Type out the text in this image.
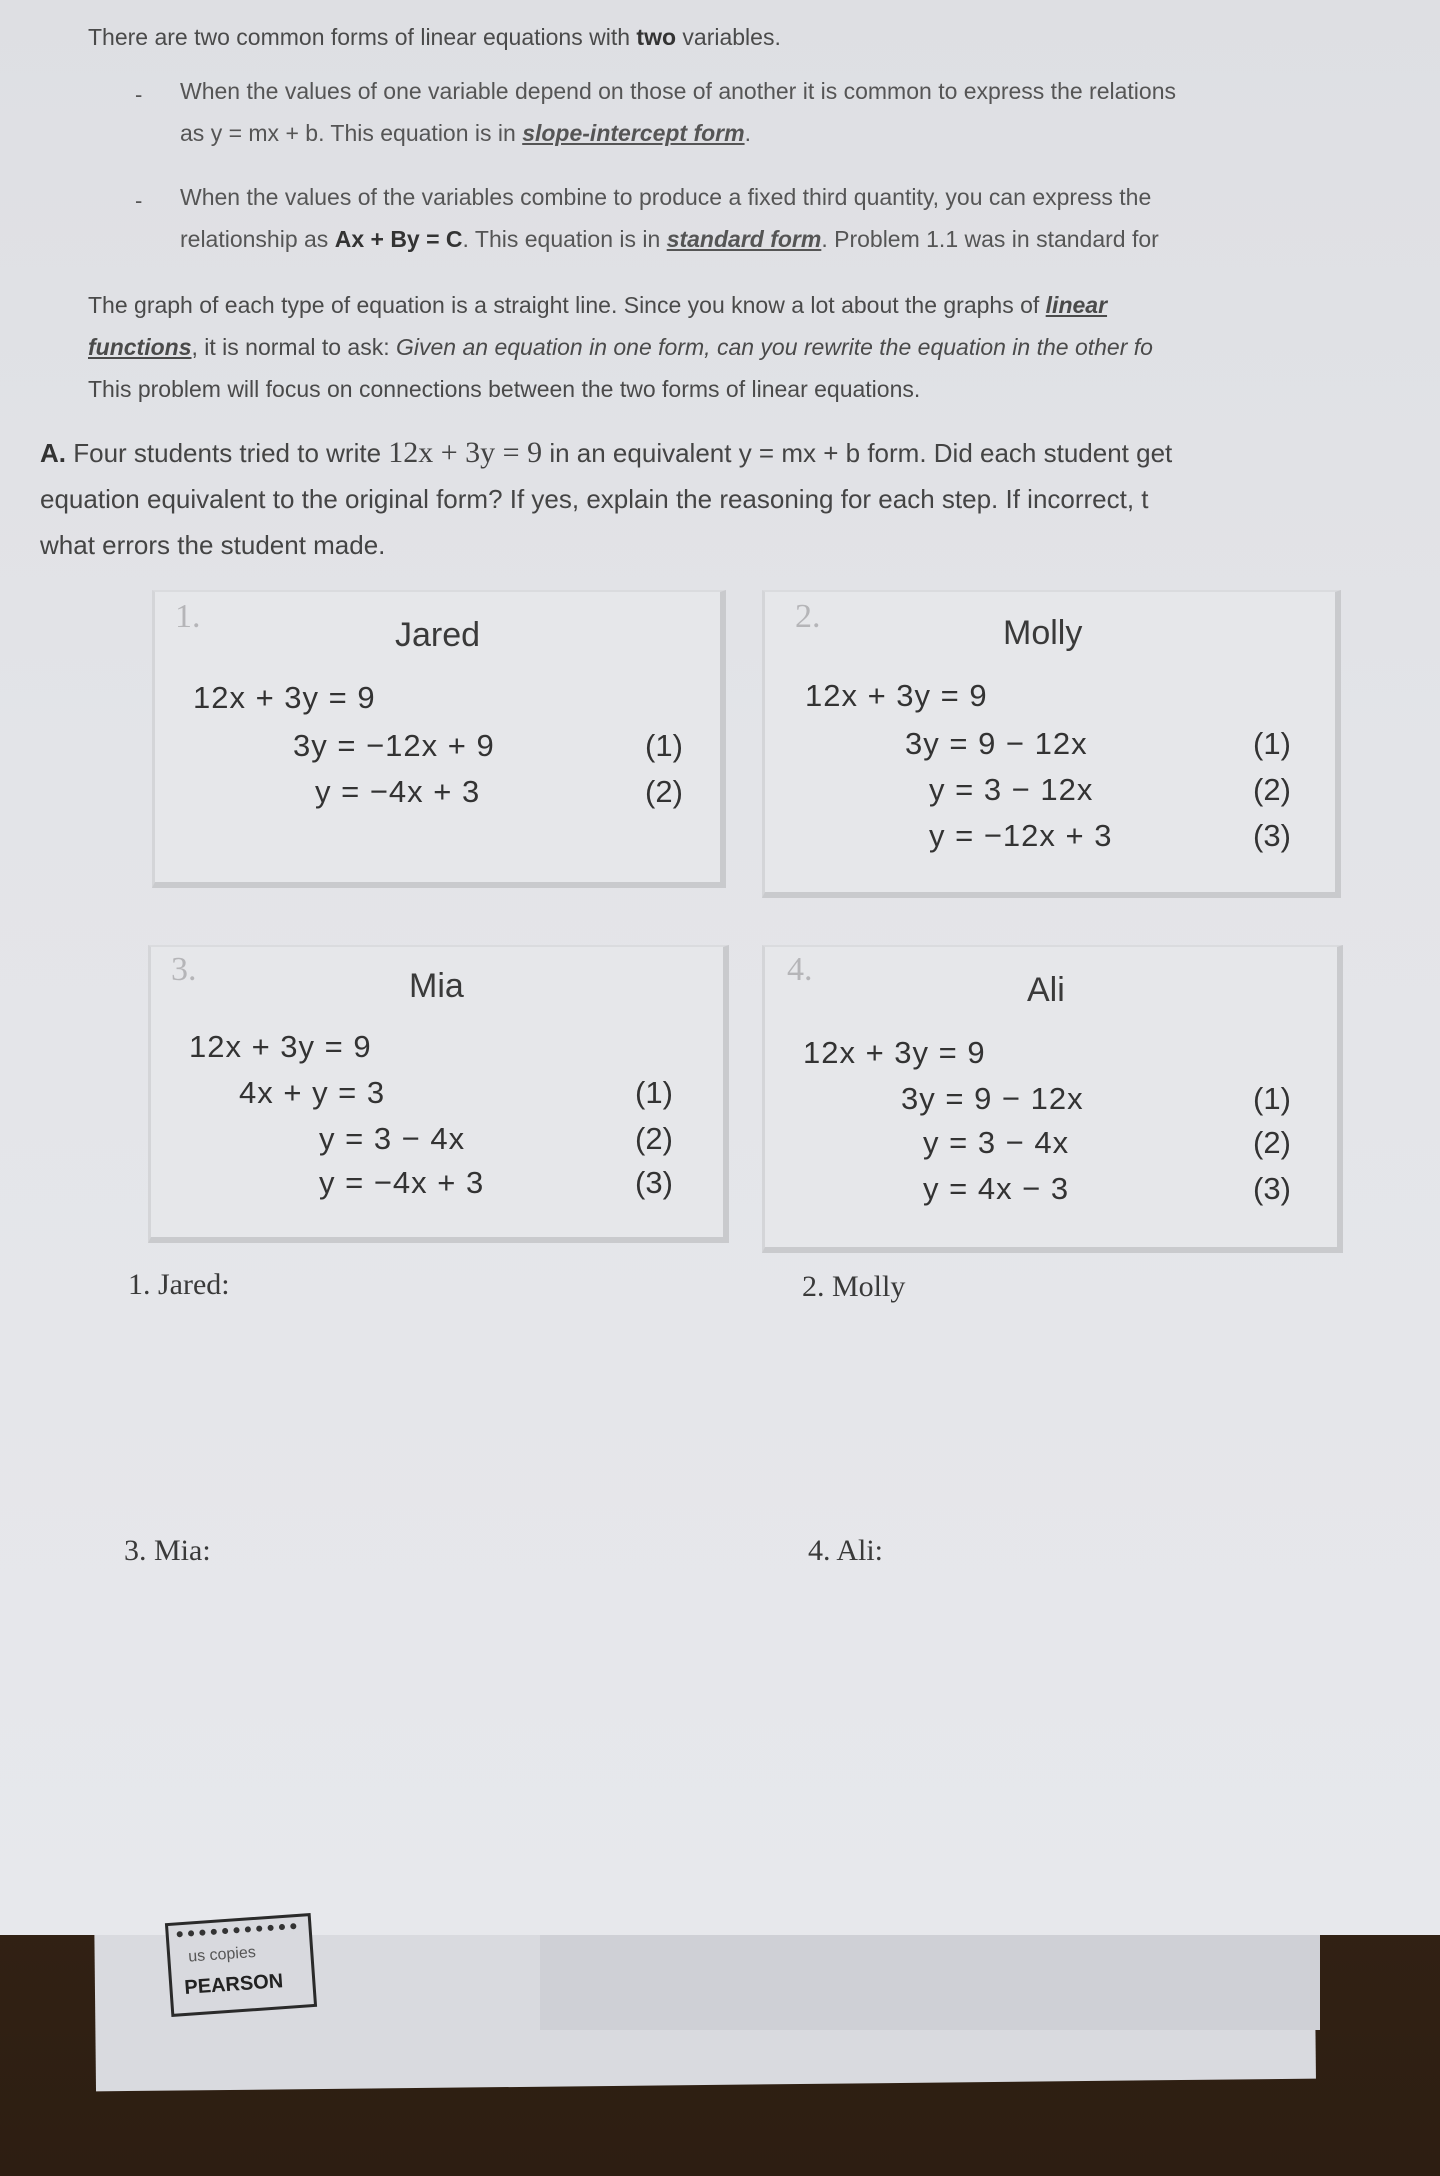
There are two common forms of linear equations with two variables.
- When the values of one variable depend on those of another it is common to express the relations
as y = mx + b. This equation is in slope-intercept form.
- When the values of the variables combine to produce a fixed third quantity, you can express the
relationship as Ax + By = C. This equation is in standard form. Problem 1.1 was in standard for
The graph of each type of equation is a straight line. Since you know a lot about the graphs of linear
functions, it is normal to ask: Given an equation in one form, can you rewrite the equation in the other fo
This problem will focus on connections between the two forms of linear equations.
A. Four students tried to write 12x + 3y = 9 in an equivalent y = mx + b form. Did each student get
equation equivalent to the original form? If yes, explain the reasoning for each step. If incorrect, t
what errors the student made.
1.	Jared
12x + 3y = 9
3y = −12x + 9	(1)
y = −4x + 3	(2)
2.	Molly
12x + 3y = 9
3y = 9 − 12x	(1)
y = 3 − 12x	(2)
y = −12x + 3	(3)
3.	Mia
12x + 3y = 9
4x + y = 3	(1)
y = 3 − 4x	(2)
y = −4x + 3	(3)
4.
Ali
12x + 3y = 9
3y = 9 − 12x	(1)
y = 3 − 4x	(2)
y = 4x − 3	(3)
1. Jared:	2. Molly
3. Mia:	4. Ali:
us copies
PEARSON
